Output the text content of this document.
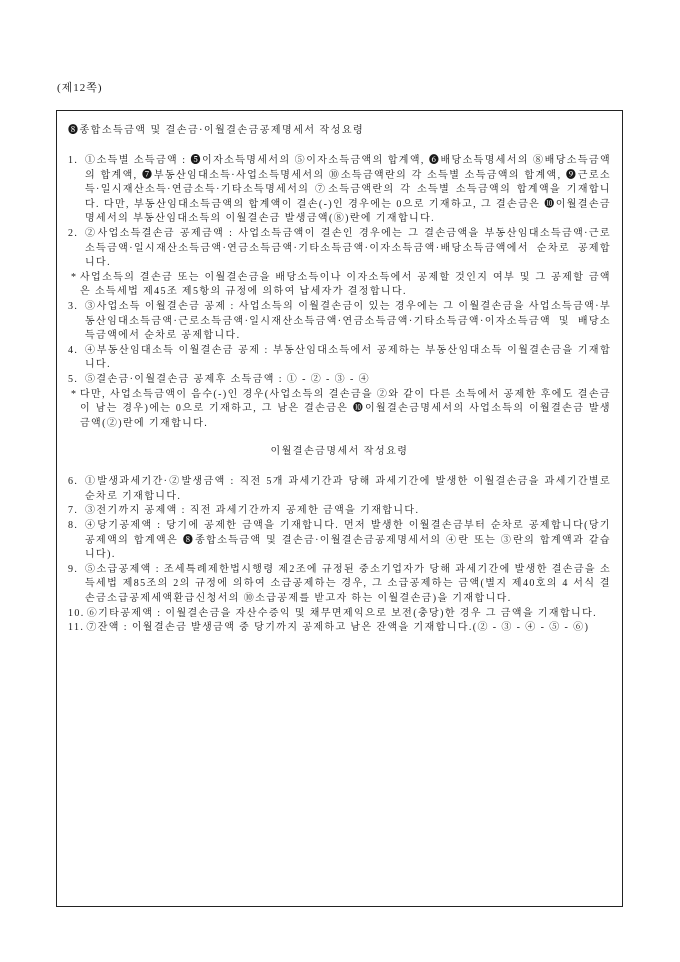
(제12쪽)
❽종합소득금액 및 결손금·이월결손금공제명세서 작성요령
1. ①소득별 소득금액 : ❺이자소득명세서의 ⑤이자소득금액의 합계액, ❻배당소득명세서의 ⑧배당소득금액의 합계액, ❼부동산임대소득·사업소득명세서의 ⑩소득금액란의 각 소득별 소득금액의 합계액, ❾근로소득·일시재산소득·연금소득·기타소득명세서의 ⑦소득금액란의 각 소득별 소득금액의 합계액을 기재합니다. 다만, 부동산임대소득금액의 합계액이 결손(-)인 경우에는 0으로 기재하고, 그 결손금은 ❿이월결손금명세서의 부동산임대소득의 이월결손금 발생금액(⑧)란에 기재합니다.
2. ②사업소득결손금 공제금액 : 사업소득금액이 결손인 경우에는 그 결손금액을 부동산임대소득금액·근로소득금액·일시재산소득금액·연금소득금액·기타소득금액·이자소득금액·배당소득금액에서 순차로 공제합니다.
* 사업소득의 결손금 또는 이월결손금을 배당소득이나 이자소득에서 공제할 것인지 여부 및 그 공제할 금액은 소득세법 제45조 제5항의 규정에 의하여 납세자가 결정합니다.
3. ③사업소득 이월결손금 공제 : 사업소득의 이월결손금이 있는 경우에는 그 이월결손금을 사업소득금액·부동산임대소득금액·근로소득금액·일시재산소득금액·연금소득금액·기타소득금액·이자소득금액 및 배당소득금액에서 순차로 공제합니다.
4. ④부동산임대소득 이월결손금 공제 : 부동산임대소득에서 공제하는 부동산임대소득 이월결손금을 기재합니다.
5. ⑤결손금·이월결손금 공제후 소득금액 : ① - ② - ③ - ④
* 다만, 사업소득금액이 음수(-)인 경우(사업소득의 결손금을 ②와 같이 다른 소득에서 공제한 후에도 결손금이 남는 경우)에는 0으로 기재하고, 그 남은 결손금은 ❿이월결손금명세서의 사업소득의 이월결손금 발생금액(②)란에 기재합니다.
이월결손금명세서 작성요령
6. ①발생과세기간·②발생금액 : 직전 5개 과세기간과 당해 과세기간에 발생한 이월결손금을 과세기간별로 순차로 기재합니다.
7. ③전기까지 공제액 : 직전 과세기간까지 공제한 금액을 기재합니다.
8. ④당기공제액 : 당기에 공제한 금액을 기재합니다. 먼저 발생한 이월결손금부터 순차로 공제합니다(당기공제액의 합계액은 ❽종합소득금액 및 결손금·이월결손금공제명세서의 ④란 또는 ③란의 합계액과 같습니다).
9. ⑤소급공제액 : 조세특례제한법시행령 제2조에 규정된 중소기업자가 당해 과세기간에 발생한 결손금을 소득세법 제85조의 2의 규정에 의하여 소급공제하는 경우, 그 소급공제하는 금액(별지 제40호의 4 서식 결손금소급공제세액환급신청서의 ⑩소급공제를 받고자 하는 이월결손금)을 기재합니다.
10. ⑥기타공제액 : 이월결손금을 자산수증익 및 채무면제익으로 보전(충당)한 경우 그 금액을 기재합니다.
11. ⑦잔액 : 이월결손금 발생금액 중 당기까지 공제하고 남은 잔액을 기재합니다.(② - ③ - ④ - ⑤ - ⑥)
